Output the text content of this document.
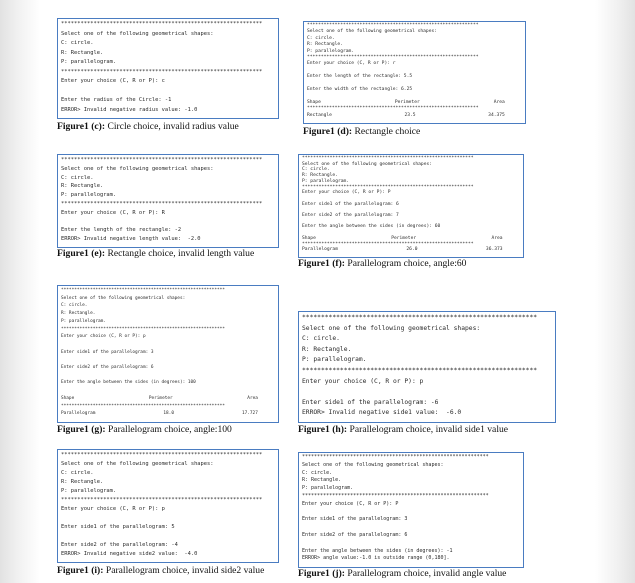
**************************************************************
Select one of the following geometrical shapes:
C: circle.
R: Rectangle.
P: parallelogram.
**************************************************************
Enter your choice (C, R or P): c

Enter the radius of the Circle: -1
ERROR> Invalid negative radius value: -1.0
Figure1 (c): Circle choice, invalid radius value
**************************************************************
Select one of the following geometrical shapes:
C: circle.
R: Rectangle.
P: parallelogram.
**************************************************************
Enter your choice (C, R or P): r

Enter the length of the rectangle: 5.5

Enter the width of the rectangle: 6.25

Shape	Perimeter	Area
**************************************************************
Rectangle	23.5	34.375
Figure1 (d): Rectangle choice
**************************************************************
Select one of the following geometrical shapes:
C: circle.
R: Rectangle.
P: parallelogram.
**************************************************************
Enter your choice (C, R or P): R

Enter the length of the rectangle: -2
ERROR> Invalid negative length value:  -2.0
Figure1 (e): Rectangle choice, invalid length value
**************************************************************
Select one of the following geometrical shapes:
C: circle.
R: Rectangle.
P: parallelogram.
**************************************************************
Enter your choice (C, R or P): P

Enter side1 of the parallelogram: 6

Enter side2 of the parallelogram: 7

Enter the angle between the sides (in degrees): 60

Shape	Perimeter	Area
**************************************************************
Parallelogram	26.0	36.373
Figure1 (f): Parallelogram choice, angle:60
**************************************************************
Select one of the following geometrical shapes:
C: circle.
R: Rectangle.
P: parallelogram.
**************************************************************
Enter your choice (C, R or P): p

Enter side1 of the parallelogram: 3

Enter side2 of the parallelogram: 6

Enter the angle between the sides (in degrees): 100

Shape	Perimeter	Area
**************************************************************
Parallelogram	18.0	17.727
Figure1 (g): Parallelogram choice, angle:100
**************************************************************
Select one of the following geometrical shapes:
C: circle.
R: Rectangle.
P: parallelogram.
**************************************************************
Enter your choice (C, R or P): p

Enter side1 of the parallelogram: -6
ERROR> Invalid negative side1 value:  -6.0
Figure1 (h): Parallelogram choice, invalid side1 value
**************************************************************
Select one of the following geometrical shapes:
C: circle.
R: Rectangle.
P: parallelogram.
**************************************************************
Enter your choice (C, R or P): p

Enter side1 of the parallelogram: 5

Enter side2 of the parallelogram: -4
ERROR> Invalid negative side2 value:  -4.0
Figure1 (i): Parallelogram choice, invalid side2 value
**************************************************************
Select one of the following geometrical shapes:
C: circle.
R: Rectangle.
P: parallelogram.
**************************************************************
Enter your choice (C, R or P): P

Enter side1 of the parallelogram: 3

Enter side2 of the parallelogram: 6

Enter the angle between the sides (in degrees): -1
ERROR> angle value:-1.0 is outside range (0,180].
Figure1 (j): Parallelogram choice, invalid angle value
